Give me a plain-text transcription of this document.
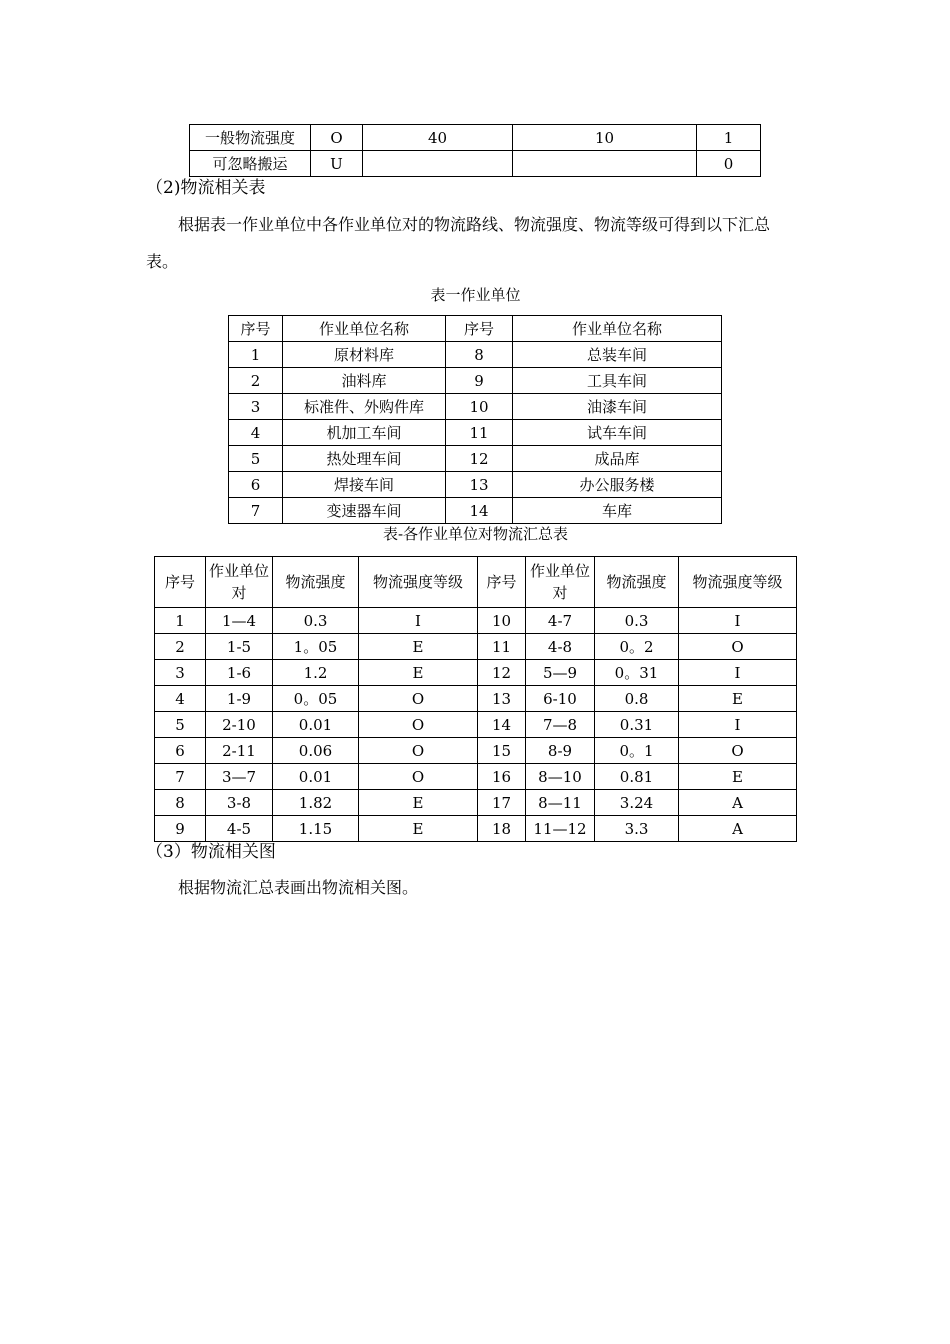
一般物流强度	O	40	10	1
可忽略搬运	U			0
（2)物流相关表
根据表一作业单位中各作业单位对的物流路线、物流强度、物流等级可得到以下汇总
表。
表一作业单位
序号	作业单位名称	序号	作业单位名称
1	原材料库	8	总装车间
2	油料库	9	工具车间
3	标准件、外购件库	10	油漆车间
4	机加工车间	11	试车车间
5	热处理车间	12	成品库
6	焊接车间	13	办公服务楼
7	变速器车间	14	车库
表-各作业单位对物流汇总表
序号	作业单位对	物流强度	物流强度等级	序号	作业单位对	物流强度	物流强度等级
1	1—4	0.3	I	10	4-7	0.3	I
2	1-5	1。05	E	11	4-8	0。2	O
3	1-6	1.2	E	12	5—9	0。31	I
4	1-9	0。05	O	13	6-10	0.8	E
5	2-10	0.01	O	14	7—8	0.31	I
6	2-11	0.06	O	15	8-9	0。1	O
7	3—7	0.01	O	16	8—10	0.81	E
8	3-8	1.82	E	17	8—11	3.24	A
9	4-5	1.15	E	18	11—12	3.3	A
（3）物流相关图
根据物流汇总表画出物流相关图。
